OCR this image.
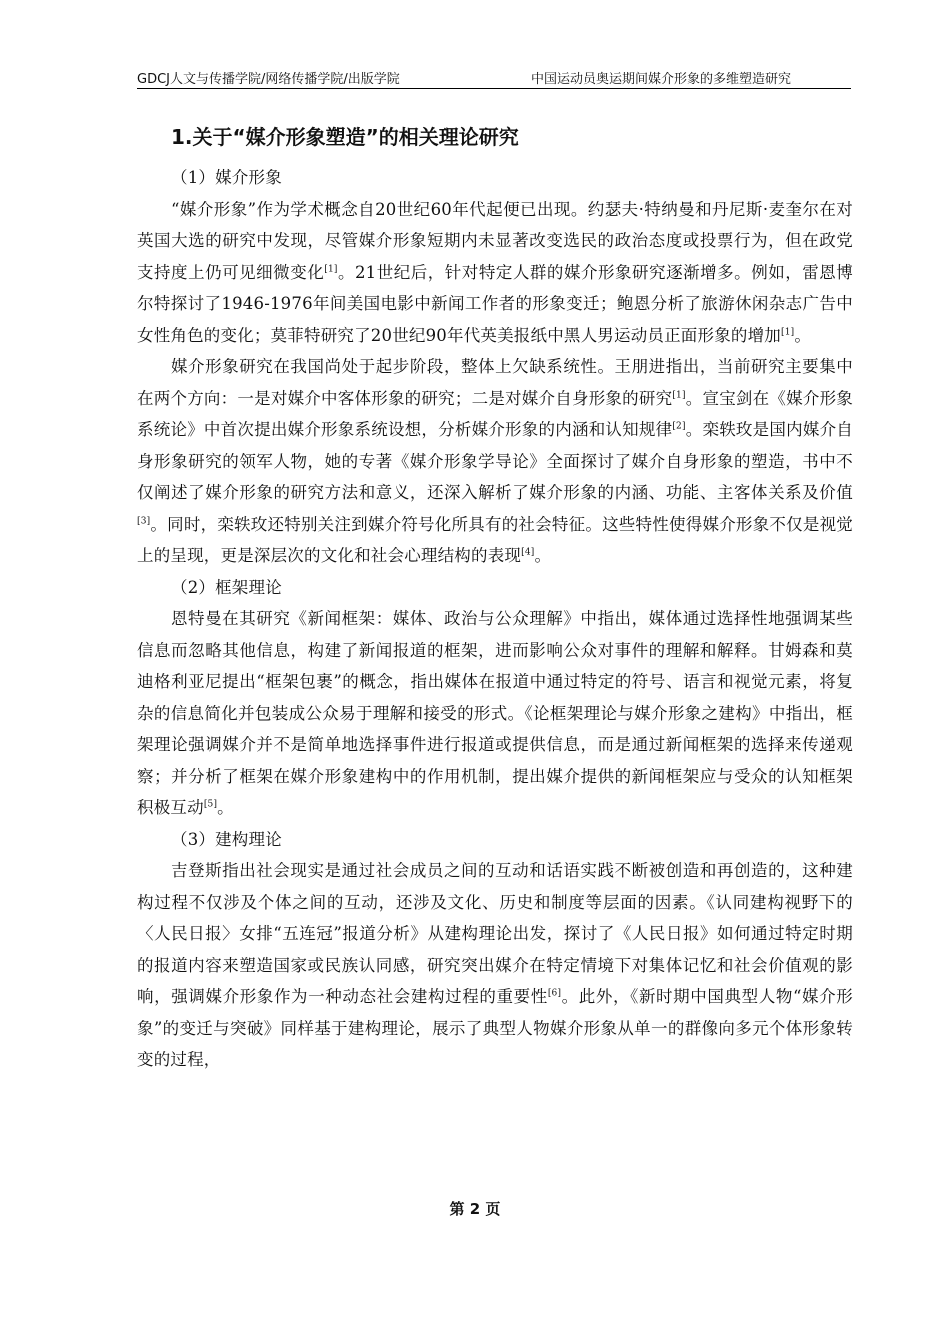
GDCJ人文与传播学院/网络传播学院/出版学院	中国运动员奥运期间媒介形象的多维塑造研究
1.关于“媒介形象塑造”的相关理论研究

（1）媒介形象

“媒介形象”作为学术概念自20世纪60年代起便已出现。约瑟夫·特纳曼和丹尼斯·麦奎尔在对英国大选的研究中发现，尽管媒介形象短期内未显著改变选民的政治态度或投票行为，但在政党支持度上仍可见细微变化[1]。21世纪后，针对特定人群的媒介形象研究逐渐增多。例如，雷恩博尔特探讨了1946-1976年间美国电影中新闻工作者的形象变迁；鲍恩分析了旅游休闲杂志广告中女性角色的变化；莫菲特研究了20世纪90年代英美报纸中黑人男运动员正面形象的增加[1]。

媒介形象研究在我国尚处于起步阶段，整体上欠缺系统性。王朋进指出，当前研究主要集中在两个方向：一是对媒介中客体形象的研究；二是对媒介自身形象的研究[1]。宣宝剑在《媒介形象系统论》中首次提出媒介形象系统设想，分析媒介形象的内涵和认知规律[2]。栾轶玫是国内媒介自身形象研究的领军人物，她的专著《媒介形象学导论》全面探讨了媒介自身形象的塑造，书中不仅阐述了媒介形象的研究方法和意义，还深入解析了媒介形象的内涵、功能、主客体关系及价值[3]。同时，栾轶玫还特别关注到媒介符号化所具有的社会特征。这些特性使得媒介形象不仅是视觉上的呈现，更是深层次的文化和社会心理结构的表现[4]。

（2）框架理论

恩特曼在其研究《新闻框架：媒体、政治与公众理解》中指出，媒体通过选择性地强调某些信息而忽略其他信息，构建了新闻报道的框架，进而影响公众对事件的理解和解释。甘姆森和莫迪格利亚尼提出“框架包裹”的概念，指出媒体在报道中通过特定的符号、语言和视觉元素，将复杂的信息简化并包装成公众易于理解和接受的形式。《论框架理论与媒介形象之建构》中指出，框架理论强调媒介并不是简单地选择事件进行报道或提供信息，而是通过新闻框架的选择来传递观察；并分析了框架在媒介形象建构中的作用机制，提出媒介提供的新闻框架应与受众的认知框架积极互动[5]。

（3）建构理论

吉登斯指出社会现实是通过社会成员之间的互动和话语实践不断被创造和再创造的，这种建构过程不仅涉及个体之间的互动，还涉及文化、历史和制度等层面的因素。《认同建构视野下的〈人民日报〉女排“五连冠”报道分析》从建构理论出发，探讨了《人民日报》如何通过特定时期的报道内容来塑造国家或民族认同感，研究突出媒介在特定情境下对集体记忆和社会价值观的影响，强调媒介形象作为一种动态社会建构过程的重要性[6]。此外，《新时期中国典型人物“媒介形象”的变迁与突破》同样基于建构理论，展示了典型人物媒介形象从单一的群像向多元个体形象转变的过程，

第 2 页
